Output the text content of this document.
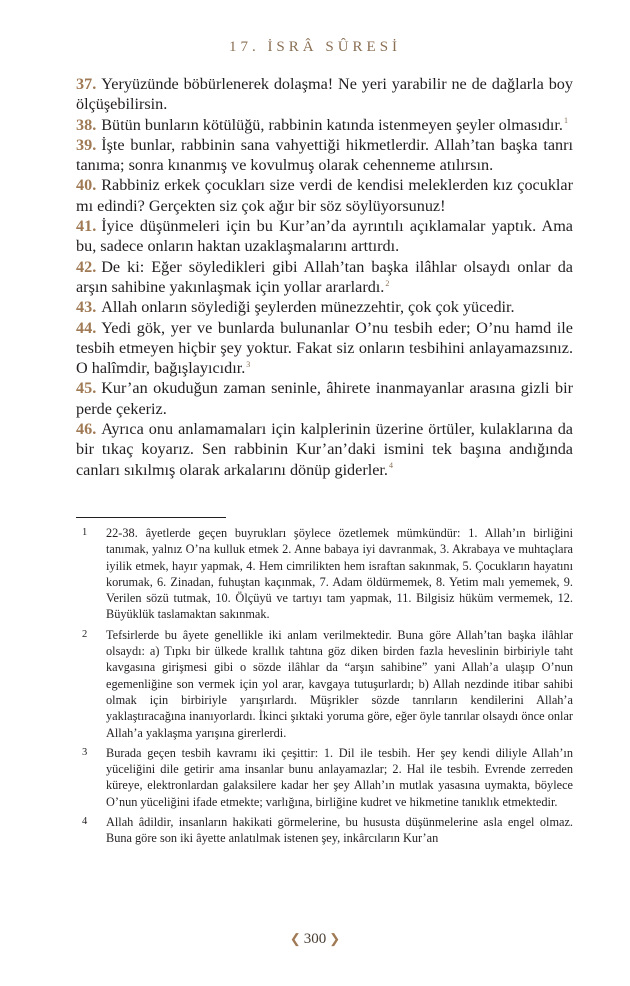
17. İSRÂ SÛRESİ

37. Yeryüzünde böbürlenerek dolaşma! Ne yeri yarabilir ne de dağlarla boy ölçüşebilirsin.

38. Bütün bunların kötülüğü, rabbinin katında istenmeyen şeyler olmasıdır.$^1$

39. İşte bunlar, rabbinin sana vahyettiği hikmetlerdir. Allah’tan başka tanrı tanıma; sonra kınanmış ve kovulmuş olarak cehenneme atılırsın.

40. Rabbiniz erkek çocukları size verdi de kendisi meleklerden kız çocuklar mı edindi? Gerçekten siz çok ağır bir söz söylüyorsunuz!

41. İyice düşünmeleri için bu Kur’an’da ayrıntılı açıklamalar yaptık. Ama bu, sadece onların haktan uzaklaşmalarını arttırdı.

42. De ki: Eğer söyledikleri gibi Allah’tan başka ilâhlar olsaydı onlar da arşın sahibine yakınlaşmak için yollar ararlardı.$^2$

43. Allah onların söylediği şeylerden münezzehtir, çok çok yücedir.

44. Yedi gök, yer ve bunlarda bulunanlar O’nu tesbih eder; O’nu hamd ile tesbih etmeyen hiçbir şey yoktur. Fakat siz onların tesbihini anlayamazsınız. O halîmdir, bağışlayıcıdır.$^3$

45. Kur’an okuduğun zaman seninle, âhirete inanmayanlar arasına gizli bir perde çekeriz.

46. Ayrıca onu anlamamaları için kalplerinin üzerine örtüler, kulaklarına da bir tıkaç koyarız. Sen rabbinin Kur’an’daki ismini tek başına andığında canları sıkılmış olarak arkalarını dönüp giderler.$^4$

1	22-38. âyetlerde geçen buyrukları şöylece özetlemek mümkündür: 1. Allah’ın birliğini tanımak, yalnız O’na kulluk etmek 2. Anne babaya iyi davranmak, 3. Akrabaya ve muhtaçlara iyilik etmek, hayır yapmak, 4. Hem cimrilikten hem israftan sakınmak, 5. Çocukların hayatını korumak, 6. Zinadan, fuhuştan kaçınmak, 7. Adam öldürmemek, 8. Yetim malı yememek, 9. Verilen sözü tutmak, 10. Ölçüyü ve tartıyı tam yapmak, 11. Bilgisiz hüküm vermemek, 12. Büyüklük taslamaktan sakınmak.
2	Tefsirlerde bu âyete genellikle iki anlam verilmektedir. Buna göre Allah’tan başka ilâhlar olsaydı: a) Tıpkı bir ülkede krallık tahtına göz diken birden fazla heveslinin birbiriyle taht kavgasına girişmesi gibi o sözde ilâhlar da “arşın sahibine” yani Allah’a ulaşıp O’nun egemenliğine son vermek için yol arar, kavgaya tutuşurlardı; b) Allah nezdinde itibar sahibi olmak için birbiriyle yarışırlardı. Müşrikler sözde tanrıların kendilerini Allah’a yaklaştıracağına inanıyorlardı. İkinci şıktaki yoruma göre, eğer öyle tanrılar olsaydı önce onlar Allah’a yaklaşma yarışına girerlerdi.
3	Burada geçen tesbih kavramı iki çeşittir: 1. Dil ile tesbih. Her şey kendi diliyle Allah’ın yüceliğini dile getirir ama insanlar bunu anlayamazlar; 2. Hal ile tesbih. Evrende zerreden küreye, elektronlardan galaksilere kadar her şey Allah’ın mutlak yasasına uymakta, böylece O’nun yüceliğini ifade etmekte; varlığına, birliğine kudret ve hikmetine tanıklık etmektedir.
4	Allah âdildir, insanların hakikati görmelerine, bu hususta düşünmelerine asla engel olmaz. Buna göre son iki âyette anlatılmak istenen şey, inkârcıların Kur’an
❮ 300 ❯
